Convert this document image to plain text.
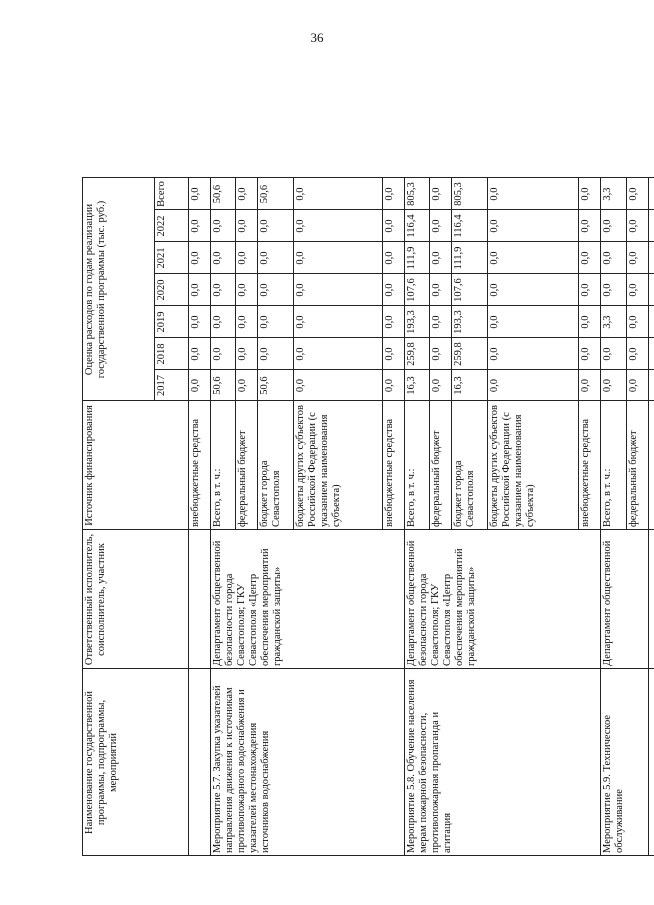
36
Наименование государственной программы, подпрограммы, мероприятий
Ответственный исполнитель, соисполнитель, участник
Источник финансирования
Оценка расходов по годам реализации государственной программы (тыс. руб.)
2017
2018
2019
2020
2021
2022
Всего
внебюджетные средства
0,0
0,0
0,0
0,0
0,0
0,0
0,0
Мероприятие 5.7. Закупка указателей направления движения к источникам противопожарного водоснабжения и указателей местонахождения источников водоснабжения
Департамент общественной безопасности города Севастополя; ГКУ Севастополя «Центр обеспечения мероприятий гражданской защиты»
Всего, в т. ч.:
50,6
0,0
0,0
0,0
0,0
0,0
50,6
федеральный бюджет
0,0
0,0
0,0
0,0
0,0
0,0
0,0
бюджет города Севастополя
50,6
0,0
0,0
0,0
0,0
0,0
50,6
бюджеты других субъектов Российской Федерации (с указанием наименования субъекта)
0,0
0,0
0,0
0,0
0,0
0,0
0,0
внебюджетные средства
0,0
0,0
0,0
0,0
0,0
0,0
0,0
Мероприятие 5.8. Обучение населения мерам пожарной безопасности, противопожарная пропаганда и агитация
Департамент общественной безопасности города Севастополя; ГКУ Севастополя «Центр обеспечения мероприятий гражданской защиты»
Всего, в т. ч.:
16,3
259,8
193,3
107,6
111,9
116,4
805,3
федеральный бюджет
0,0
0,0
0,0
0,0
0,0
0,0
0,0
бюджет города Севастополя
16,3
259,8
193,3
107,6
111,9
116,4
805,3
бюджеты других субъектов Российской Федерации (с указанием наименования субъекта)
0,0
0,0
0,0
0,0
0,0
0,0
0,0
внебюджетные средства
0,0
0,0
0,0
0,0
0,0
0,0
0,0
Мероприятие 5.9. Техническое обслуживание
Департамент общественной
Всего, в т. ч.:
0,0
0,0
3,3
0,0
0,0
0,0
3,3
федеральный бюджет
0,0
0,0
0,0
0,0
0,0
0,0
0,0
